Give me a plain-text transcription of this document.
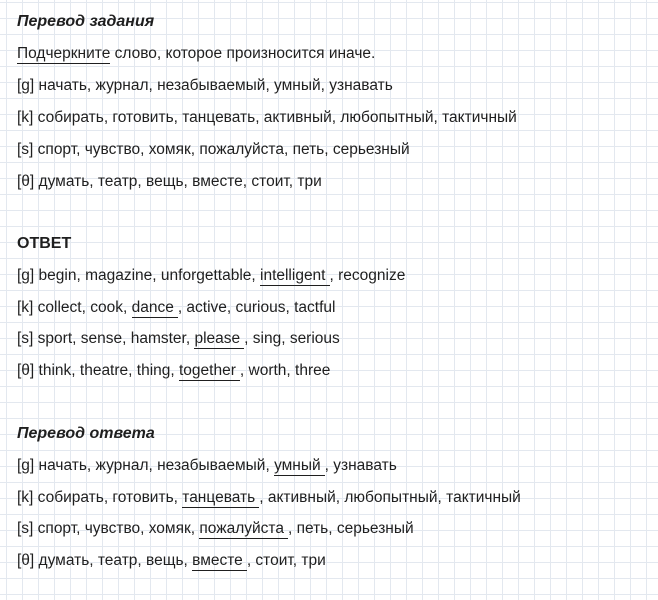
Перевод задания
Подчеркните слово, которое произносится иначе.
[g] начать, журнал, незабываемый, умный, узнавать
[k] собирать, готовить, танцевать, активный, любопытный, тактичный
[s] спорт, чувство, хомяк, пожалуйста, петь, серьезный
[θ] думать, театр, вещь, вместе, стоит, три
ОТВЕТ
[g] begin, magazine, unforgettable, intelligent , recognize
[k] collect, cook, dance , active, curious, tactful
[s] sport, sense, hamster, please , sing, serious
[θ] think, theatre, thing, together , worth, three
Перевод ответа
[g] начать, журнал, незабываемый, умный , узнавать
[k] собирать, готовить, танцевать , активный, любопытный, тактичный
[s] спорт, чувство, хомяк, пожалуйста , петь, серьезный
[θ] думать, театр, вещь, вместе , стоит, три
